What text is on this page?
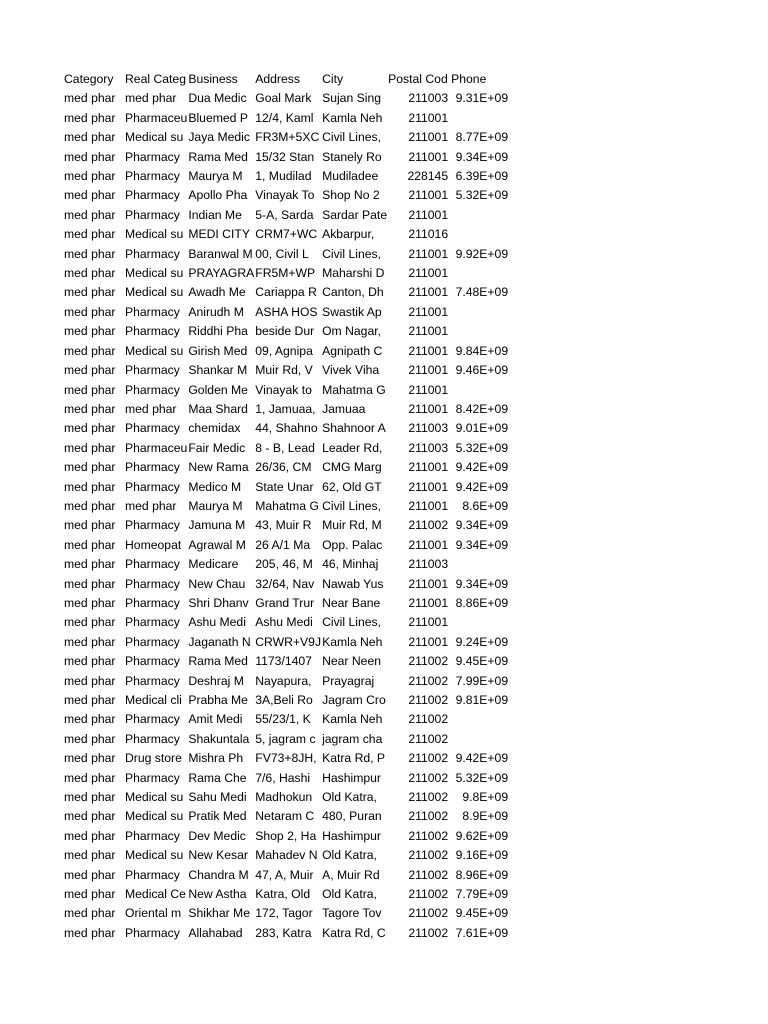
Category	Real Categ	Business	Address	City	Postal Cod	Phone
med phar	med phar	Dua Medic	Goal Mark	Sujan Sing	211003	9.31E+09
med phar	Pharmaceu	Bluemed P	12/4, Kaml	Kamla Neh	211001	
med phar	Medical su	Jaya Medic	FR3M+5XC	Civil Lines,	211001	8.77E+09
med phar	Pharmacy	Rama Med	15/32 Stan	Stanely Ro	211001	9.34E+09
med phar	Pharmacy	Maurya M	1, Mudilad	Mudiladee	228145	6.39E+09
med phar	Pharmacy	Apollo Pha	Vinayak To	Shop No 2	211001	5.32E+09
med phar	Pharmacy	Indian Me	5-A, Sarda	Sardar Pate	211001	
med phar	Medical su	MEDI CITY	CRM7+WC	Akbarpur,	211016	
med phar	Pharmacy	Baranwal M	00, Civil L	Civil Lines,	211001	9.92E+09
med phar	Medical su	PRAYAGRA	FR5M+WP	Maharshi D	211001	
med phar	Medical su	Awadh Me	Cariappa R	Canton, Dh	211001	7.48E+09
med phar	Pharmacy	Anirudh M	ASHA HOS	Swastik Ap	211001	
med phar	Pharmacy	Riddhi Pha	beside Dur	Om Nagar,	211001	
med phar	Medical su	Girish Med	09, Agnipa	Agnipath C	211001	9.84E+09
med phar	Pharmacy	Shankar M	Muir Rd, V	Vivek Viha	211001	9.46E+09
med phar	Pharmacy	Golden Me	Vinayak to	Mahatma G	211001	
med phar	med phar	Maa Shard	1, Jamuaa,	Jamuaa	211001	8.42E+09
med phar	Pharmacy	chemidax	44, Shahno	Shahnoor A	211003	9.01E+09
med phar	Pharmaceu	Fair Medic	8 - B, Lead	Leader Rd,	211003	5.32E+09
med phar	Pharmacy	New Rama	26/36, CM	CMG Marg	211001	9.42E+09
med phar	Pharmacy	Medico M	State Unar	62, Old GT	211001	9.42E+09
med phar	med phar	Maurya M	Mahatma G	Civil Lines,	211001	8.6E+09
med phar	Pharmacy	Jamuna M	43, Muir R	Muir Rd, M	211002	9.34E+09
med phar	Homeopat	Agrawal M	26 A/1 Ma	Opp. Palac	211001	9.34E+09
med phar	Pharmacy	Medicare	205, 46, M	46, Minhaj	211003	
med phar	Pharmacy	New Chau	32/64, Nav	Nawab Yus	211001	9.34E+09
med phar	Pharmacy	Shri Dhanv	Grand Trur	Near Bane	211001	8.86E+09
med phar	Pharmacy	Ashu Medi	Ashu Medi	Civil Lines,	211001	
med phar	Pharmacy	Jaganath N	CRWR+V9J	Kamla Neh	211001	9.24E+09
med phar	Pharmacy	Rama Med	1173/1407	Near Neen	211002	9.45E+09
med phar	Pharmacy	Deshraj M	Nayapura,	Prayagraj	211002	7.99E+09
med phar	Medical cli	Prabha Me	3A,Beli Ro	Jagram Cro	211002	9.81E+09
med phar	Pharmacy	Amit Medi	55/23/1, K	Kamla Neh	211002	
med phar	Pharmacy	Shakuntala	5, jagram c	jagram cha	211002	
med phar	Drug store	Mishra Ph	FV73+8JH,	Katra Rd, P	211002	9.42E+09
med phar	Pharmacy	Rama Che	7/6, Hashi	Hashimpur	211002	5.32E+09
med phar	Medical su	Sahu Medi	Madhokun	Old Katra,	211002	9.8E+09
med phar	Medical su	Pratik Med	Netaram C	480, Puran	211002	8.9E+09
med phar	Pharmacy	Dev Medic	Shop 2, Ha	Hashimpur	211002	9.62E+09
med phar	Medical su	New Kesar	Mahadev N	Old Katra,	211002	9.16E+09
med phar	Pharmacy	Chandra M	47, A, Muir	A, Muir Rd	211002	8.96E+09
med phar	Medical Ce	New Astha	Katra, Old	Old Katra,	211002	7.79E+09
med phar	Oriental m	Shikhar Me	172, Tagor	Tagore Tov	211002	9.45E+09
med phar	Pharmacy	Allahabad	283, Katra	Katra Rd, C	211002	7.61E+09
